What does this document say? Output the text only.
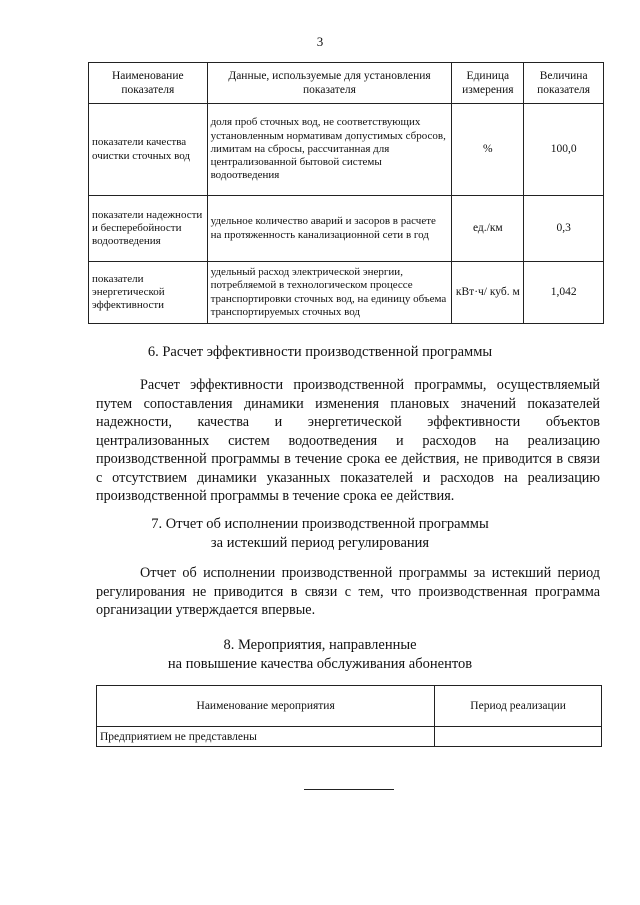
3
Наименование показателя	Данные, используемые для установления показателя	Единица измерения	Величина показателя
показатели качества очистки сточных вод	доля проб сточных вод, не соответствующих установленным нормативам допустимых сбросов, лимитам на сбросы, рассчитанная для централизованной бытовой системы водоотведения	%	100,0
показатели надежности и бесперебойности водоотведения	удельное количество аварий и засоров в расчете на протяженность канализационной сети в год	ед./км	0,3
показатели энергетической эффективности	удельный расход электрической энергии, потребляемой в технологическом процессе транспортировки сточных вод, на единицу объема транспортируемых сточных вод	кВт·ч/ куб. м	1,042
6. Расчет эффективности производственной программы

Расчет эффективности производственной программы, осуществляемый путем сопоставления динамики изменения плановых значений показателей надежности, качества и энергетической эффективности объектов централизованных систем водоотведения и расходов на реализацию производственной программы в течение срока ее действия, не приводится в связи с отсутствием динамики указанных показателей и расходов на реализацию производственной программы в течение срока ее действия.

7. Отчет об исполнении производственной программы
за истекший период регулирования

Отчет об исполнении производственной программы за истекший период регулирования не приводится в связи с тем, что производственная программа организации утверждается впервые.

8. Мероприятия, направленные
на повышение качества обслуживания абонентов
Наименование мероприятия	Период реализации
Предприятием не представлены	
